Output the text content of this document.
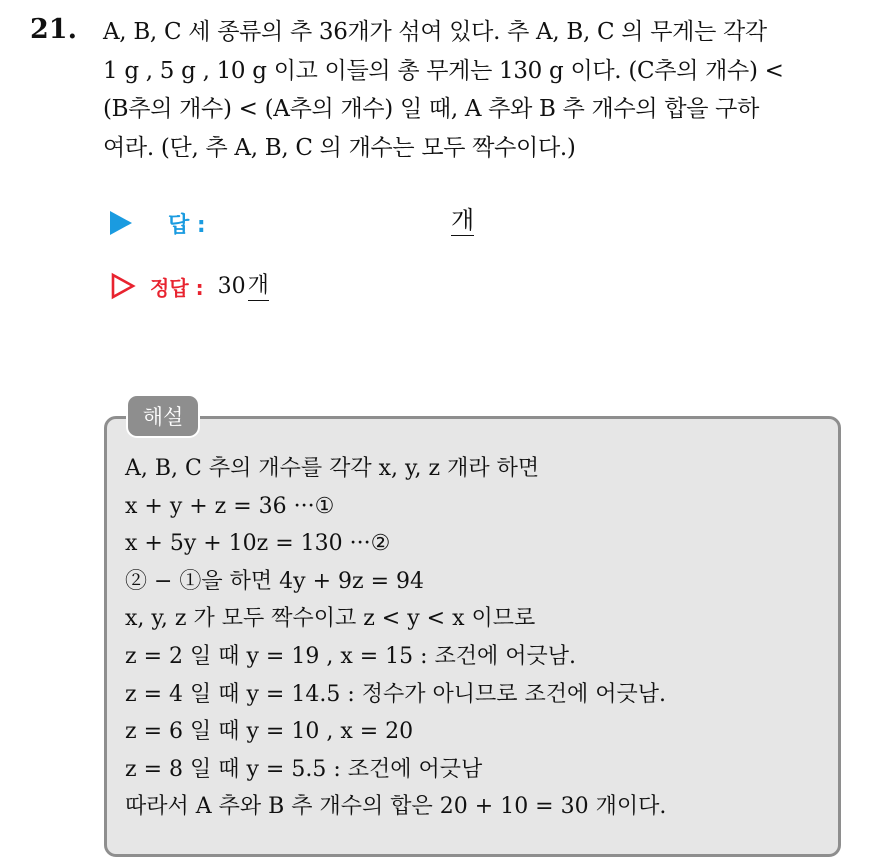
21. A, B, C 세 종류의 추 36개가 섞여 있다. 추 A, B, C 의 무게는 각각
1 g , 5 g , 10 g 이고 이들의 총 무게는 130 g 이다. (C추의 개수) <
(B추의 개수) < (A추의 개수) 일 때, A 추와 B 추 개수의 합을 구하
여라. (단, 추 A, B, C 의 개수는 모두 짝수이다.)
답 :	개
정답 : 30 개
해설
A, B, C 추의 개수를 각각 x, y, z 개라 하면
x + y + z = 36 ···①
x + 5y + 10z = 130 ···②
② − ①을 하면 4y + 9z = 94
x, y, z 가 모두 짝수이고 z < y < x 이므로
z = 2 일 때 y = 19 , x = 15 : 조건에 어긋남.
z = 4 일 때 y = 14.5 : 정수가 아니므로 조건에 어긋남.
z = 6 일 때 y = 10 , x = 20
z = 8 일 때 y = 5.5 : 조건에 어긋남
따라서 A 추와 B 추 개수의 합은 20 + 10 = 30 개이다.
